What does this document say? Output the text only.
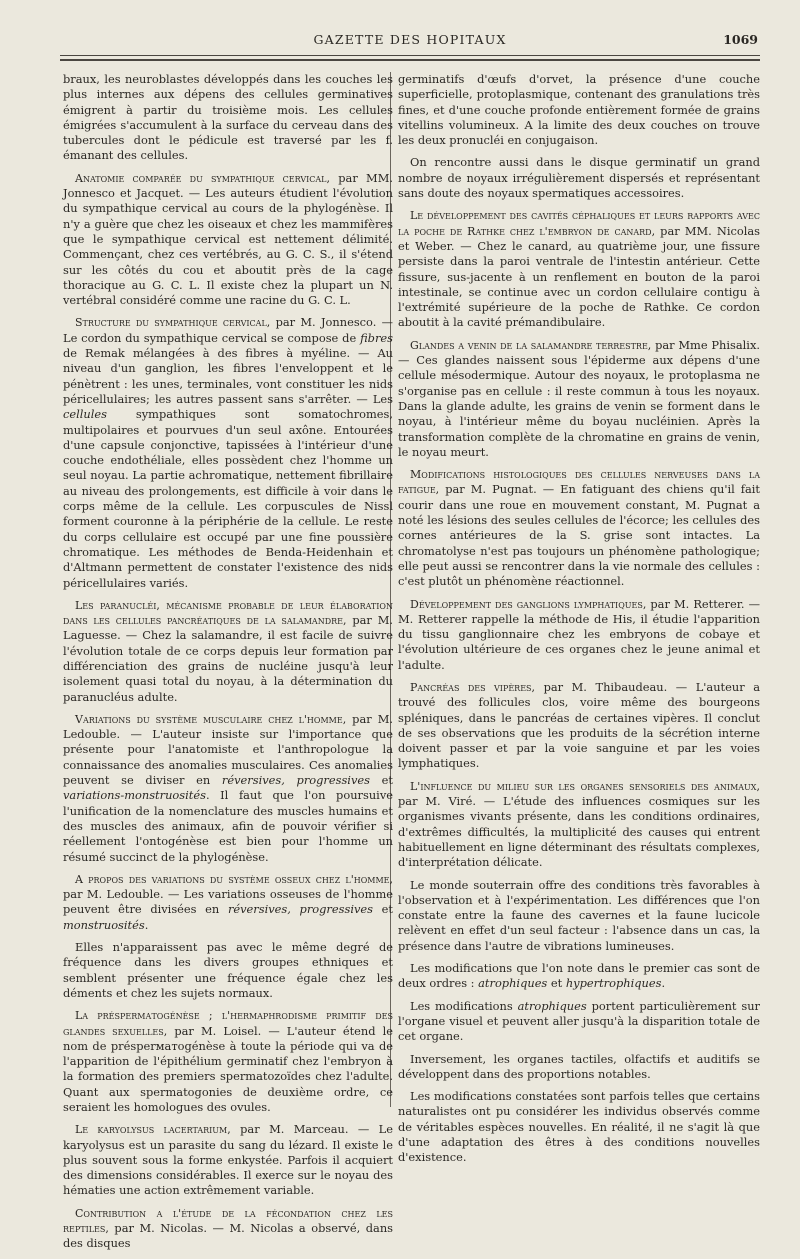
GAZETTE DES HOPITAUX	1069

braux, les neuroblastes développés dans les couches les plus internes aux dépens des cellules germinatives émigrent à partir du troisième mois. Les cellules émigrées s'accumulent à la surface du cerveau dans des tubercules dont le pédicule est traversé par les f. émanant des cellules.

Anatomie comparée du sympathique cervical, par MM. Jonnesco et Jacquet. — Les auteurs étudient l'évolution du sympathique cervical au cours de la phylogénèse. Il n'y a guère que chez les oiseaux et chez les mammifères que le sympathique cervical est nettement délimité. Commençant, chez ces vertébrés, au G. C. S., il s'étend sur les côtés du cou et aboutit près de la cage thoracique au G. C. L. Il existe chez la plupart un N. vertébral considéré comme une racine du G. C. L.

Structure du sympathique cervical, par M. Jonnesco. — Le cordon du sympathique cervical se compose de fibres de Remak mélangées à des fibres à myéline. — Au niveau d'un ganglion, les fibres l'enveloppent et le pénètrent : les unes, terminales, vont constituer les nids péricellulaires; les autres passent sans s'arrêter. — Les cellules sympathiques sont somatochromes, multipolaires et pourvues d'un seul axône. Entourées d'une capsule conjonctive, tapissées à l'intérieur d'une couche endothéliale, elles possèdent chez l'homme un seul noyau. La partie achromatique, nettement fibrillaire au niveau des prolongements, est difficile à voir dans le corps même de la cellule. Les corpuscules de Nissl forment couronne à la périphérie de la cellule. Le reste du corps cellulaire est occupé par une fine poussière chromatique. Les méthodes de Benda-Heidenhain et d'Altmann permettent de constater l'existence des nids péricellulaires variés.

Les paranucléi, mécanisme probable de leur élaboration dans les cellules pancréatiques de la salamandre, par M. Laguesse. — Chez la salamandre, il est facile de suivre l'évolution totale de ce corps depuis leur formation par différenciation des grains de nucléine jusqu'à leur isolement quasi total du noyau, à la détermination du paranucléus adulte.

Variations du système musculaire chez l'homme, par M. Ledouble. — L'auteur insiste sur l'importance que présente pour l'anatomiste et l'anthropologue la connaissance des anomalies musculaires. Ces anomalies peuvent se diviser en réversives, progressives et variations-monstruosités. Il faut que l'on poursuive l'unification de la nomenclature des muscles humains et des muscles des animaux, afin de pouvoir vérifier si réellement l'ontogénèse est bien pour l'homme un résumé succinct de la phylogénèse.

A propos des variations du système osseux chez l'homme, par M. Ledouble. — Les variations osseuses de l'homme peuvent être divisées en réversives, progressives et monstruosités.

Elles n'apparaissent pas avec le même degré de fréquence dans les divers groupes ethniques et semblent présenter une fréquence égale chez les déments et chez les sujets normaux.

La présperматogénèse ; l'hermaphrodisme primitif des glandes sexuelles, par M. Loisel. — L'auteur étend le nom de présperматogénèse à toute la période qui va de l'apparition de l'épithélium germinatif chez l'embryon à la formation des premiers spermatozoïdes chez l'adulte. Quant aux spermatogonies de deuxième ordre, ce seraient les homologues des ovules.

Le karyolysus lacertarium, par M. Marceau. — Le karyolysus est un parasite du sang du lézard. Il existe le plus souvent sous la forme enkystée. Parfois il acquiert des dimensions considérables. Il exerce sur le noyau des hématies une action extrêmement variable.

Contribution a l'étude de la fécondation chez les reptiles, par M. Nicolas. — M. Nicolas a observé, dans des disques

germinatifs d'œufs d'orvet, la présence d'une couche superficielle, protoplasmique, contenant des granulations très fines, et d'une couche profonde entièrement formée de grains vitellins volumineux. A la limite des deux couches on trouve les deux pronucléi en conjugaison.

On rencontre aussi dans le disque germinatif un grand nombre de noyaux irrégulièrement dispersés et représentant sans doute des noyaux spermatiques accessoires.

Le développement des cavités céphaliques et leurs rapports avec la poche de Rathke chez l'embryon de canard, par MM. Nicolas et Weber. — Chez le canard, au quatrième jour, une fissure persiste dans la paroi ventrale de l'intestin antérieur. Cette fissure, sus-jacente à un renflement en bouton de la paroi intestinale, se continue avec un cordon cellulaire contigu à l'extrémité supérieure de la poche de Rathke. Ce cordon aboutit à la cavité prémandibulaire.

Glandes a venin de la salamandre terrestre, par Mme Phisalix. — Ces glandes naissent sous l'épiderme aux dépens d'une cellule mésodermique. Autour des noyaux, le protoplasma ne s'organise pas en cellule : il reste commun à tous les noyaux. Dans la glande adulte, les grains de venin se forment dans le noyau, à l'intérieur même du boyau nucléinien. Après la transformation complète de la chromatine en grains de venin, le noyau meurt.

Modifications histologiques des cellules nerveuses dans la fatigue, par M. Pugnat. — En fatiguant des chiens qu'il fait courir dans une roue en mouvement constant, M. Pugnat a noté les lésions des seules cellules de l'écorce; les cellules des cornes antérieures de la S. grise sont intactes. La chromatolyse n'est pas toujours un phénomène pathologique; elle peut aussi se rencontrer dans la vie normale des cellules : c'est plutôt un phénomène réactionnel.

Développement des ganglions lymphatiques, par M. Retterer. — M. Retterer rappelle la méthode de His, il étudie l'apparition du tissu ganglionnaire chez les embryons de cobaye et l'évolution ultérieure de ces organes chez le jeune animal et l'adulte.

Pancréas des vipères, par M. Thibaudeau. — L'auteur a trouvé des follicules clos, voire même des bourgeons spléniques, dans le pancréas de certaines vipères. Il conclut de ses observations que les produits de la sécrétion interne doivent passer et par la voie sanguine et par les voies lymphatiques.

L'influence du milieu sur les organes sensoriels des animaux, par M. Viré. — L'étude des influences cosmiques sur les organismes vivants présente, dans les conditions ordinaires, d'extrêmes difficultés, la multiplicité des causes qui entrent habituellement en ligne déterminant des résultats complexes, d'interprétation délicate.

Le monde souterrain offre des conditions très favorables à l'observation et à l'expérimentation. Les différences que l'on constate entre la faune des cavernes et la faune lucicole relèvent en effet d'un seul facteur : l'absence dans un cas, la présence dans l'autre de vibrations lumineuses.

Les modifications que l'on note dans le premier cas sont de deux ordres : atrophiques et hypertrophiques.

Les modifications atrophiques portent particulièrement sur l'organe visuel et peuvent aller jusqu'à la disparition totale de cet organe.

Inversement, les organes tactiles, olfactifs et auditifs se développent dans des proportions notables.

Les modifications constatées sont parfois telles que certains naturalistes ont pu considérer les individus observés comme de véritables espèces nouvelles. En réalité, il ne s'agit là que d'une adaptation des êtres à des conditions nouvelles d'existence.
